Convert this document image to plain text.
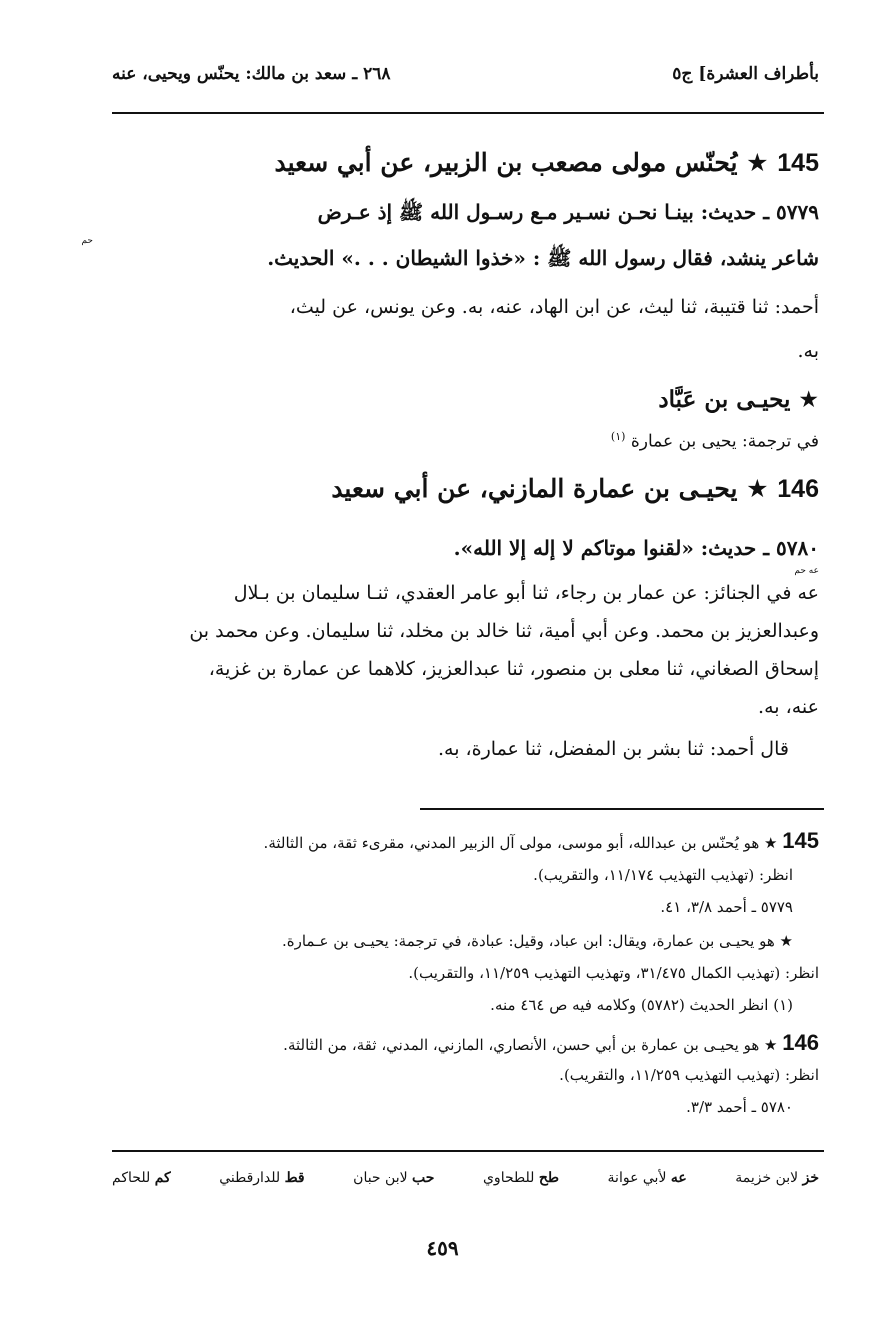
بأطراف العشرة] ج٥
٢٦٨ ـ سعد بن مالك: يحنّس ويحيى، عنه
145 ★ يُحنّس مولى مصعب بن الزبير، عن أبي سعيد
٥٧٧٩ ـ حديث: بينـا نحـن نسـير مـع رسـول الله ﷺ إذ عـرض
حم
شاعر ينشد، فقال رسول الله ﷺ : «خذوا الشيطان . . .» الحديث.
أحمد: ثنا قتيبة، ثنا ليث، عن ابن الهاد، عنه، به. وعن يونس، عن ليث،
به.
★ يحيـى بن عَبَّاد
في ترجمة: يحيى بن عمارة $^{(١)}$
146 ★ يحيـى بن عمارة المازني، عن أبي سعيد
٥٧٨٠ ـ حديث: «لقنوا موتاكم لا إله إلا الله».
عه حم
عه في الجنائز: عن عمار بن رجاء، ثنا أبو عامر العقدي، ثنـا سليمان بن بـلال
وعبدالعزيز بن محمد. وعن أبي أمية، ثنا خالد بن مخلد، ثنا سليمان. وعن محمد بن
إسحاق الصغاني، ثنا معلى بن منصور، ثنا عبدالعزيز، كلاهما عن عمارة بن غزية،
عنه، به.
قال أحمد: ثنا بشر بن المفضل، ثنا عمارة، به.
145 ★ هو يُحنّس بن عبدالله، أبو موسى، مولى آل الزبير المدني، مقرىء ثقة، من الثالثة.
انظر: (تهذيب التهذيب ١١/١٧٤، والتقريب).
٥٧٧٩ ـ أحمد ٣/٨، ٤١.
★ هو يحيـى بن عمارة، ويقال: ابن عباد، وقيل: عبادة، في ترجمة: يحيـى بن عـمارة.
انظر: (تهذيب الكمال ٣١/٤٧٥، وتهذيب التهذيب ١١/٢٥٩، والتقريب).
(١) انظر الحديث (٥٧٨٢) وكلامه فيه ص ٤٦٤ منه.
146 ★ هو يحيـى بن عمارة بن أبي حسن، الأنصاري، المازني، المدني، ثقة، من الثالثة.
انظر: (تهذيب التهذيب ١١/٢٥٩، والتقريب).
٥٧٨٠ ـ أحمد ٣/٣.
خز لابن خزيمة
عه لأبي عوانة
طح للطحاوي
حب لابن حبان
قط للدارقطني
كم للحاكم
٤٥٩
